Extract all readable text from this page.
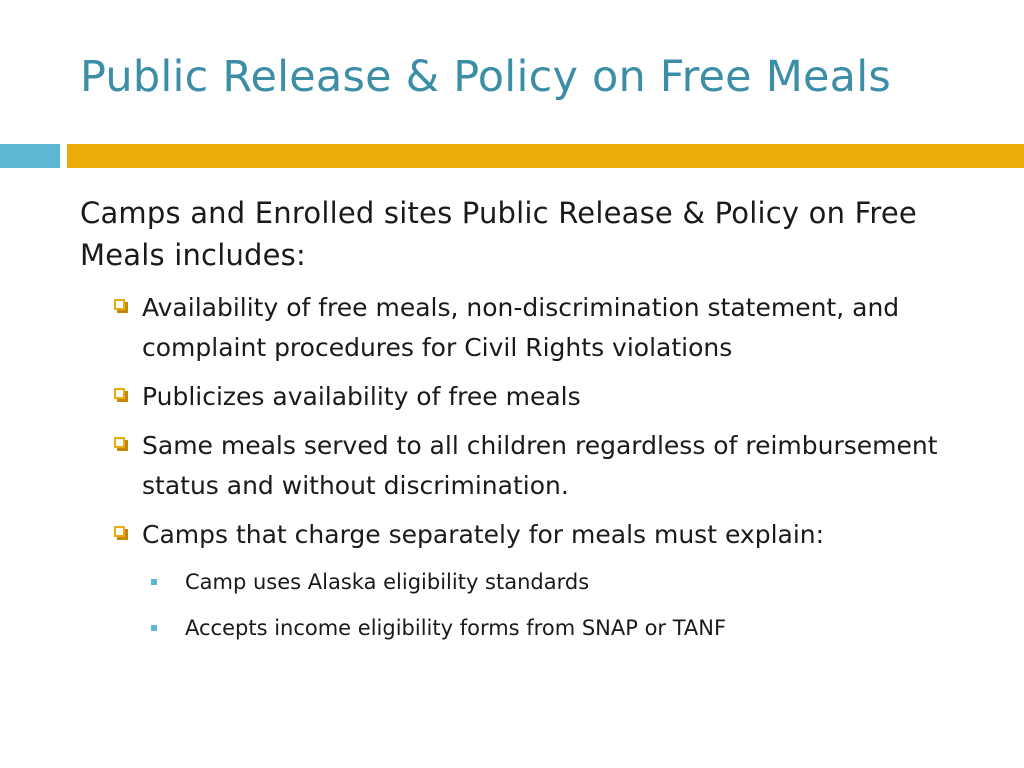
Public Release & Policy on Free Meals

Camps and Enrolled sites Public Release & Policy on Free Meals includes:

Availability of free meals, non-discrimination statement, and complaint procedures for Civil Rights violations
Publicizes availability of free meals
Same meals served to all children regardless of reimbursement status and without discrimination.
Camps that charge separately for meals must explain:
Camp uses Alaska eligibility standards
Accepts income eligibility forms from SNAP or TANF
